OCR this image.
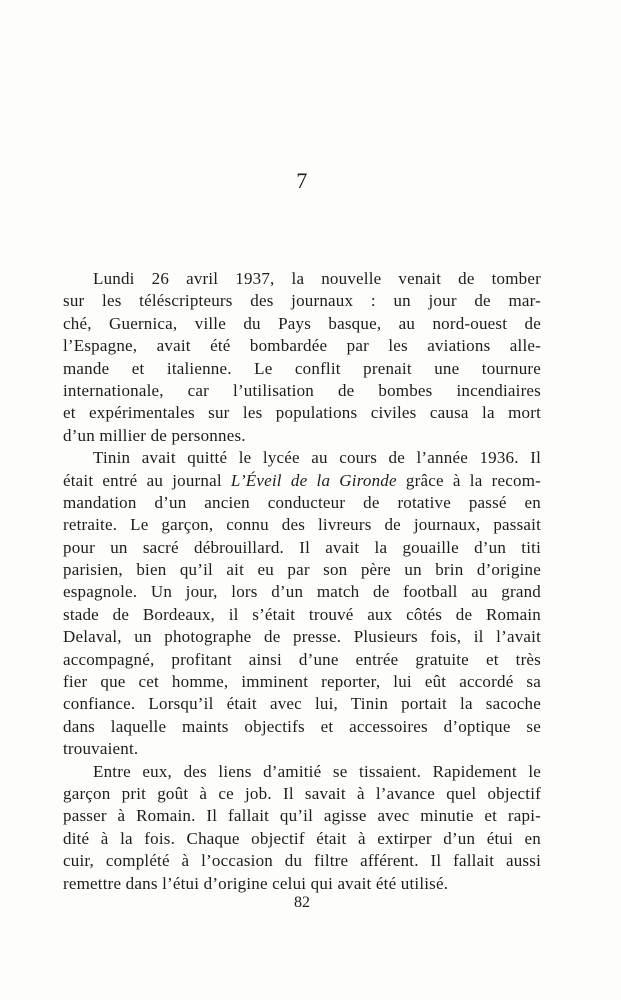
7
Lundi 26 avril 1937, la nouvelle venait de tomber
sur les téléscripteurs des journaux : un jour de mar-
ché, Guernica, ville du Pays basque, au nord-ouest de
l’Espagne, avait été bombardée par les aviations alle-
mande et italienne. Le conflit prenait une tournure
internationale, car l’utilisation de bombes incendiaires
et expérimentales sur les populations civiles causa la mort
d’un millier de personnes.
Tinin avait quitté le lycée au cours de l’année 1936. Il
était entré au journal L’Éveil de la Gironde grâce à la recom-
mandation d’un ancien conducteur de rotative passé en
retraite. Le garçon, connu des livreurs de journaux, passait
pour un sacré débrouillard. Il avait la gouaille d’un titi
parisien, bien qu’il ait eu par son père un brin d’origine
espagnole. Un jour, lors d’un match de football au grand
stade de Bordeaux, il s’était trouvé aux côtés de Romain
Delaval, un photographe de presse. Plusieurs fois, il l’avait
accompagné, profitant ainsi d’une entrée gratuite et très
fier que cet homme, imminent reporter, lui eût accordé sa
confiance. Lorsqu’il était avec lui, Tinin portait la sacoche
dans laquelle maints objectifs et accessoires d’optique se
trouvaient.
Entre eux, des liens d’amitié se tissaient. Rapidement le
garçon prit goût à ce job. Il savait à l’avance quel objectif
passer à Romain. Il fallait qu’il agisse avec minutie et rapi-
dité à la fois. Chaque objectif était à extirper d’un étui en
cuir, complété à l’occasion du filtre afférent. Il fallait aussi
remettre dans l’étui d’origine celui qui avait été utilisé.
82
